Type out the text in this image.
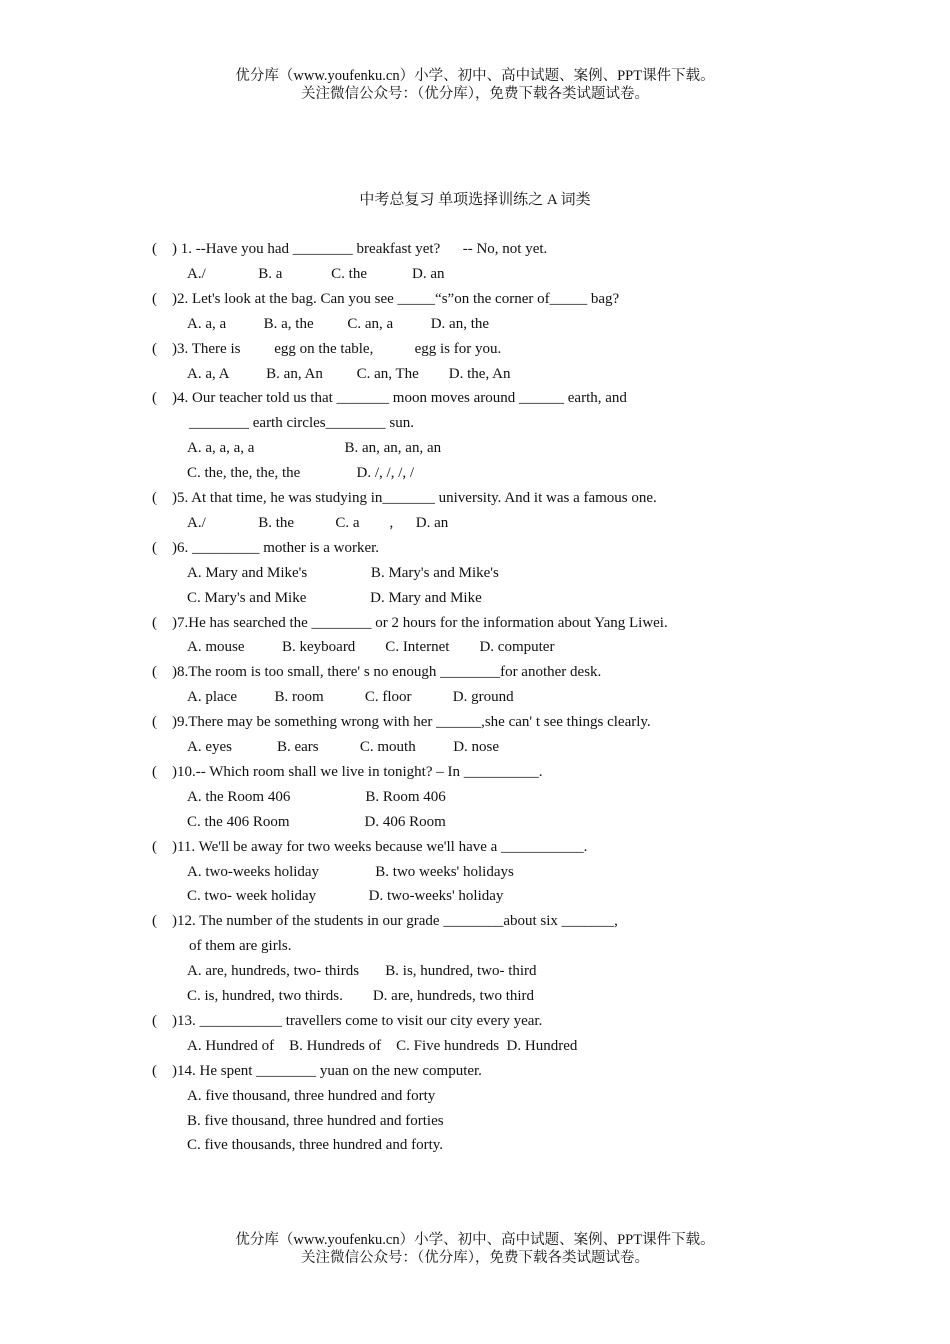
优分库（www.youfenku.cn）小学、初中、高中试题、案例、PPT课件下载。
关注微信公众号：（优分库），免费下载各类试题试卷。
中考总复习 单项选择训练之 A 词类
(    ) 1. --Have you had ________ breakfast yet?      -- No, not yet.
A./              B. a             C. the            D. an
(    )2. Let's look at the bag. Can you see _____“s”on the corner of_____ bag?
A. a, a          B. a, the         C. an, a          D. an, the
(    )3. There is         egg on the table,           egg is for you.
A. a, A          B. an, An         C. an, The        D. the, An
(    )4. Our teacher told us that _______ moon moves around ______ earth, and
________ earth circles________ sun.
A. a, a, a, a                        B. an, an, an, an
C. the, the, the, the               D. /, /, /, /
(    )5. At that time, he was studying in_______ university. And it was a famous one.
A./              B. the           C. a        ,      D. an
(    )6. _________ mother is a worker.
A. Mary and Mike's                 B. Mary's and Mike's
C. Mary's and Mike                 D. Mary and Mike
(    )7.He has searched the ________ or 2 hours for the information about Yang Liwei.
A. mouse          B. keyboard        C. Internet        D. computer
(    )8.The room is too small, there' s no enough ________for another desk.
A. place          B. room           C. floor           D. ground
(    )9.There may be something wrong with her ______,she can' t see things clearly.
A. eyes            B. ears           C. mouth          D. nose
(    )10.-- Which room shall we live in tonight? – In __________.
A. the Room 406                    B. Room 406
C. the 406 Room                    D. 406 Room
(    )11. We'll be away for two weeks because we'll have a ___________.
A. two-weeks holiday               B. two weeks' holidays
C. two- week holiday              D. two-weeks' holiday
(    )12. The number of the students in our grade ________about six _______,
of them are girls.
A. are, hundreds, two- thirds       B. is, hundred, two- third
C. is, hundred, two thirds.        D. are, hundreds, two third
(    )13. ___________ travellers come to visit our city every year.
A. Hundred of    B. Hundreds of    C. Five hundreds  D. Hundred
(    )14. He spent ________ yuan on the new computer.
A. five thousand, three hundred and forty
B. five thousand, three hundred and forties
C. five thousands, three hundred and forty.
优分库（www.youfenku.cn）小学、初中、高中试题、案例、PPT课件下载。
关注微信公众号：（优分库），免费下载各类试题试卷。
